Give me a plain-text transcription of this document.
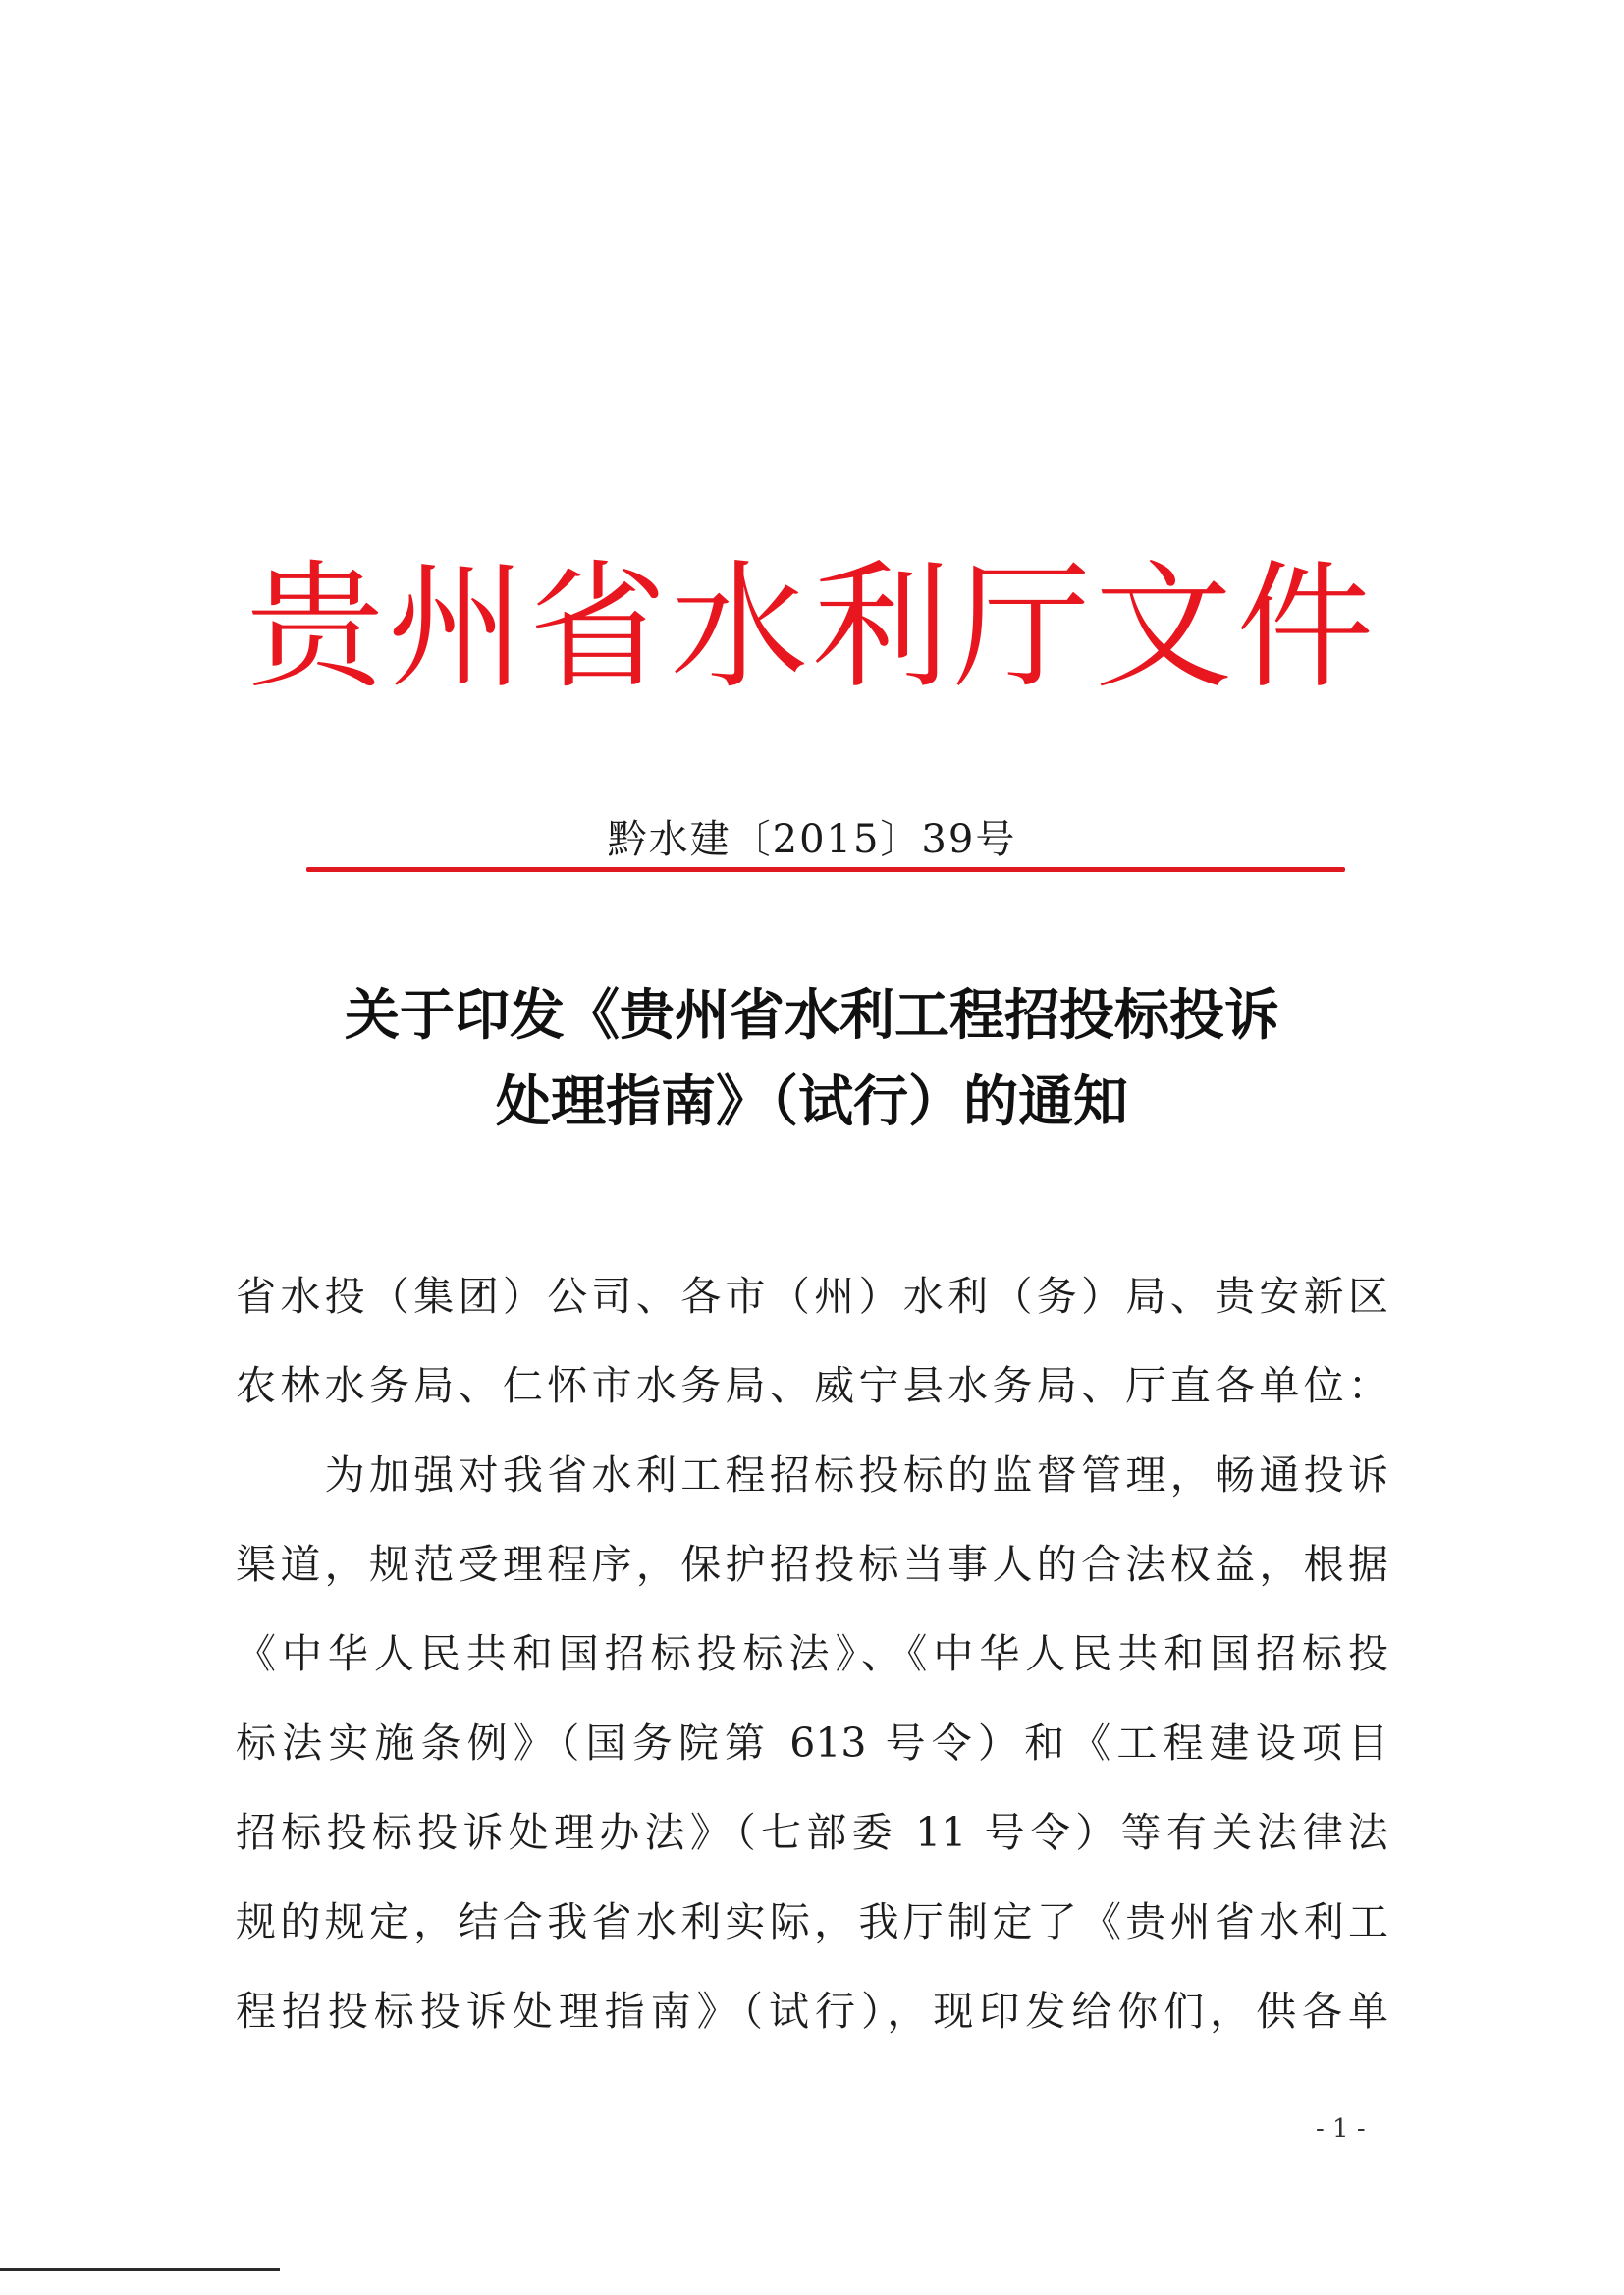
贵州省水利厅文件
黔水建〔2015〕39号
关于印发《贵州省水利工程招投标投诉
处理指南》（试行）的通知
省水投（集团）公司、各市（州）水利（务）局、贵安新区
农林水务局、仁怀市水务局、威宁县水务局、厅直各单位：
　　为加强对我省水利工程招标投标的监督管理，畅通投诉
渠道，规范受理程序，保护招投标当事人的合法权益，根据
《中华人民共和国招标投标法》、《中华人民共和国招标投
标法实施条例》（国务院第 613 号令）和《工程建设项目
招标投标投诉处理办法》（七部委 11 号令）等有关法律法
规的规定，结合我省水利实际，我厅制定了《贵州省水利工
程招投标投诉处理指南》（试行），现印发给你们，供各单
- 1 -
